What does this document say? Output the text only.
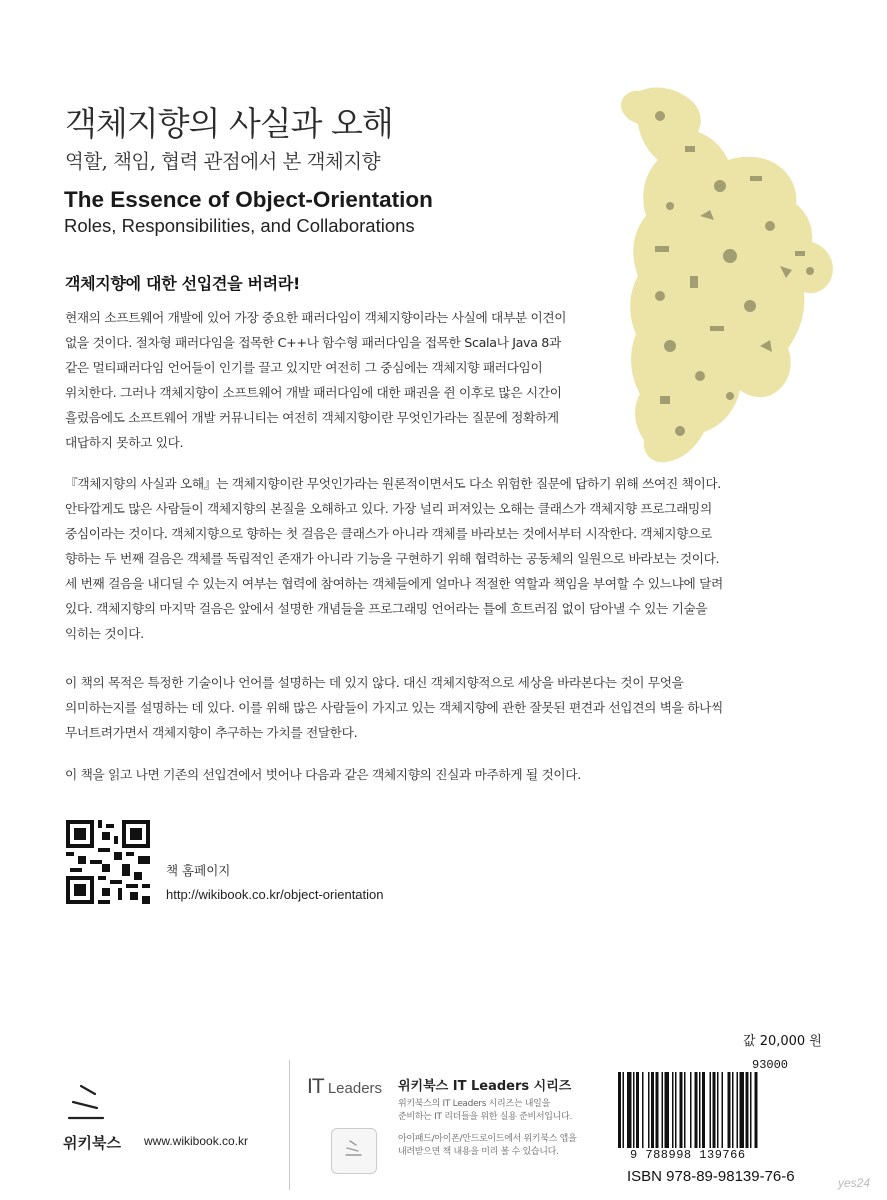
객체지향의 사실과 오해
역할, 책임, 협력 관점에서 본 객체지향
The Essence of Object-Orientation
Roles, Responsibilities, and Collaborations
객체지향에 대한 선입견을 버려라!
현재의 소프트웨어 개발에 있어 가장 중요한 패러다임이 객체지향이라는 사실에 대부분 이견이
없을 것이다. 절차형 패러다임을 접목한 C++나 함수형 패러다임을 접목한 Scala나 Java 8과
같은 멀티패러다임 언어들이 인기를 끌고 있지만 여전히 그 중심에는 객체지향 패러다임이
위치한다. 그러나 객체지향이 소프트웨어 개발 패러다임에 대한 패권을 쥔 이후로 많은 시간이
흘렀음에도 소프트웨어 개발 커뮤니티는 여전히 객체지향이란 무엇인가라는 질문에 정확하게
대답하지 못하고 있다.
『객체지향의 사실과 오해』는 객체지향이란 무엇인가라는 원론적이면서도 다소 위험한 질문에 답하기 위해 쓰여진 책이다.
안타깝게도 많은 사람들이 객체지향의 본질을 오해하고 있다. 가장 널리 퍼져있는 오해는 클래스가 객체지향 프로그래밍의
중심이라는 것이다. 객체지향으로 향하는 첫 걸음은 클래스가 아니라 객체를 바라보는 것에서부터 시작한다. 객체지향으로
향하는 두 번째 걸음은 객체를 독립적인 존재가 아니라 기능을 구현하기 위해 협력하는 공동체의 일원으로 바라보는 것이다.
세 번째 걸음을 내디딜 수 있는지 여부는 협력에 참여하는 객체들에게 얼마나 적절한 역할과 책임을 부여할 수 있느냐에 달려
있다. 객체지향의 마지막 걸음은 앞에서 설명한 개념들을 프로그래밍 언어라는 틀에 흐트러짐 없이 담아낼 수 있는 기술을
익히는 것이다.
이 책의 목적은 특정한 기술이나 언어를 설명하는 데 있지 않다. 대신 객체지향적으로 세상을 바라본다는 것이 무엇을
의미하는지를 설명하는 데 있다. 이를 위해 많은 사람들이 가지고 있는 객체지향에 관한 잘못된 편견과 선입견의 벽을 하나씩
무너트려가면서 객체지향이 추구하는 가치를 전달한다.
이 책을 읽고 나면 기존의 선입견에서 벗어나 다음과 같은 객체지향의 진실과 마주하게 될 것이다.
책 홈페이지
http://wikibook.co.kr/object-orientation
값 20,000 원
위키북스 www.wikibook.co.kr
IT Leaders 위키북스 IT Leaders 시리즈
위키북스의 IT Leaders 시리즈는 내일을
준비하는 IT 리더들을 위한 실용 준비서입니다.
아이패드/아이폰/안드로이드에서 위키북스 앱을
내려받으면 책 내용을 미리 볼 수 있습니다.
93000
9 788998 139766
ISBN 978-89-98139-76-6	yes24
